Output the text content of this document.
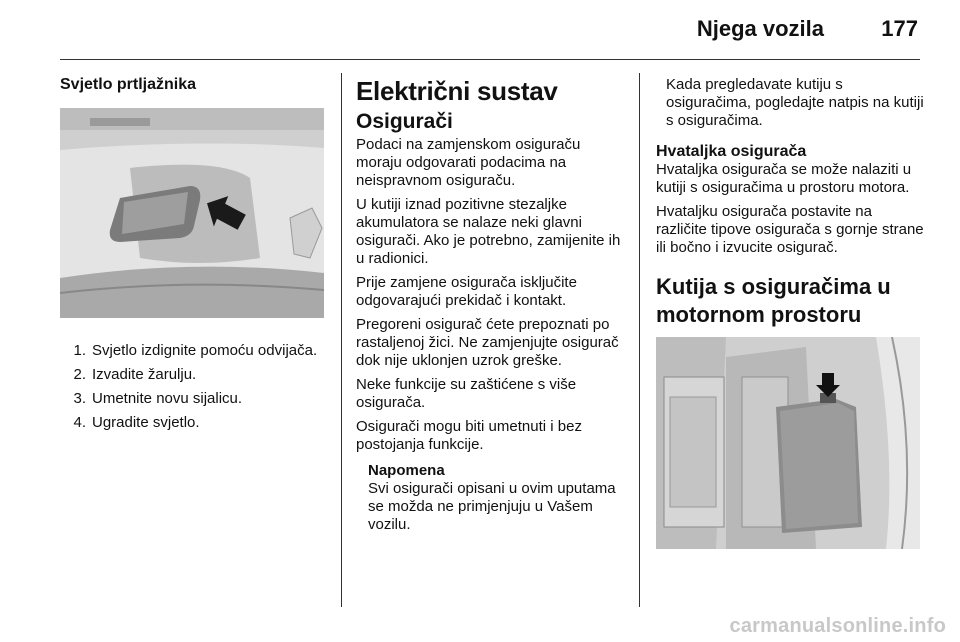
Njega vozila	177
Svjetlo prtljažnika
1. Svjetlo izdignite pomoću odvijača.
2. Izvadite žarulju.
3. Umetnite novu sijalicu.
4. Ugradite svjetlo.
Električni sustav
Osigurači

Podaci na zamjenskom osiguraču moraju odgovarati podacima na neispravnom osiguraču.

U kutiji iznad pozitivne stezaljke akumulatora se nalaze neki glavni osigurači. Ako je potrebno, zamijenite ih u radionici.

Prije zamjene osigurača isključite odgovarajući prekidač i kontakt.

Pregoreni osigurač ćete prepoznati po rastaljenoj žici. Ne zamjenjujte osigurač dok nije uklonjen uzrok greške.

Neke funkcije su zaštićene s više osigurača.

Osigurači mogu biti umetnuti i bez postojanja funkcije.

Napomena

Svi osigurači opisani u ovim uputama se možda ne primjenjuju u Vašem vozilu.

Kada pregledavate kutiju s osiguračima, pogledajte natpis na kutiji s osiguračima.

Hvataljka osigurača

Hvataljka osigurača se može nalaziti u kutiji s osiguračima u prostoru motora.

Hvataljku osigurača postavite na različite tipove osigurača s gornje strane ili bočno i izvucite osigurač.

Kutija s osiguračima u motornom prostoru
carmanualsonline.info
